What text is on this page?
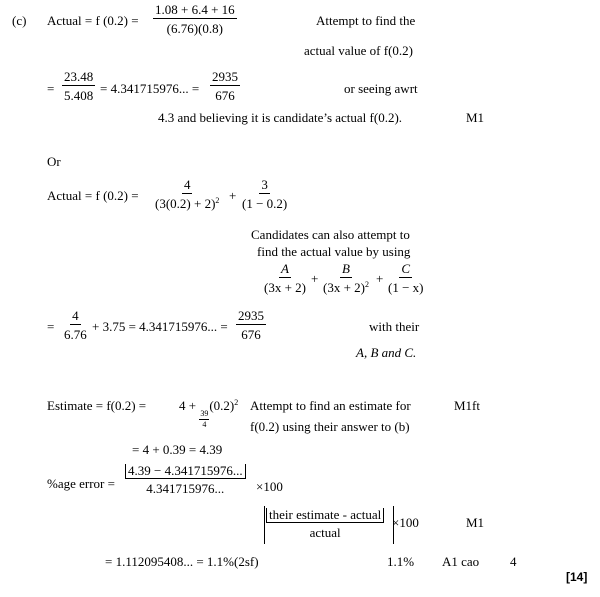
(c) Actual = f $(0.2) = \frac{1.08 + 6.4 + 16}{(6.76)(0.8)}$	Attempt to find the
actual value of f(0.2)
= $\frac{23.48}{5.408} = 4.341715976$... = $\frac{2935}{676}$	or seeing awrt
4.3 and believing it is candidate’s actual f(0.2).	M1
Or
Actual = f $(0.2) = \frac{4}{(3(0.2) + 2)^2} + \frac{3}{(1 - 0.2)}$
Candidates can also attempt to
find the actual value by using
$\frac{A}{(3x + 2)} + \frac{B}{(3x + 2)^2} + \frac{C}{(1 - x)}$
= $\frac{4}{6.76} + 3.75 = 4.341715976$... = $\frac{2935}{676}$	with their
A, B and C.
Estimate = f(0.2) =	4 +
$\frac{39}{4}$
$(0.2)^2$ Attempt to find an estimate for
f(0.2) using their answer to (b)
M1ft
= 4 + 0.39 = 4.39
%age error = $\frac{4.39 - 4.341715976...}{4.341715976...} \times 100$
their estimate - actual
actual
×100	M1
= 1.112095408... = 1.1%(2sf)	1.1% A1 cao 4
[14]
